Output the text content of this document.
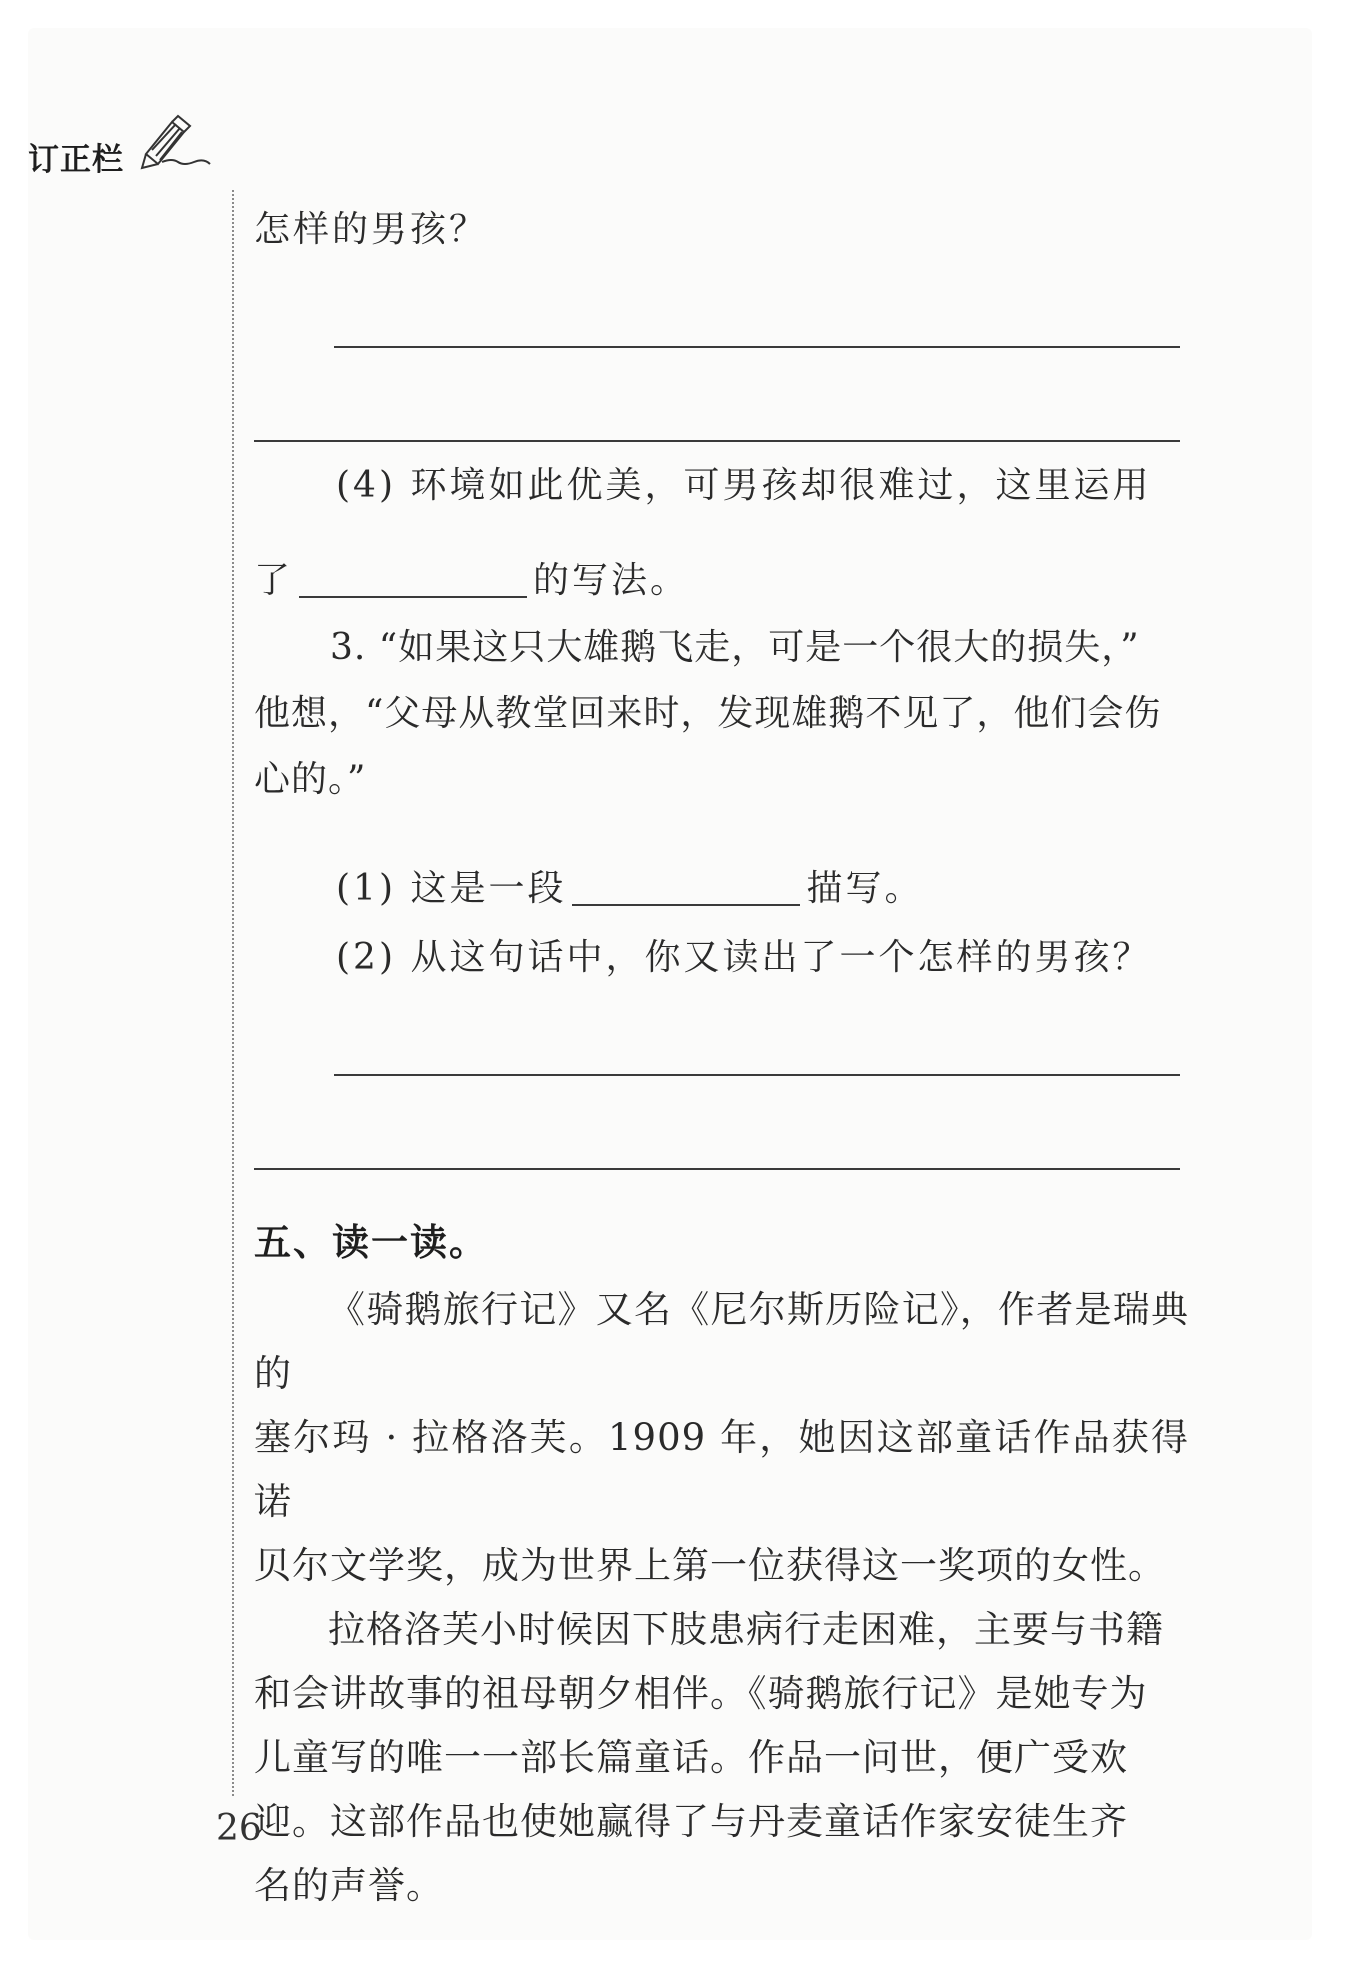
订正栏
怎样的男孩？
(4) 环境如此优美，可男孩却很难过，这里运用
了	的写法。
3. “如果这只大雄鹅飞走，可是一个很大的损失，”
他想，“父母从教堂回来时，发现雄鹅不见了，他们会伤
心的。”
(1) 这是一段	描写。
(2) 从这句话中，你又读出了一个怎样的男孩？
五、读一读。
《骑鹅旅行记》又名《尼尔斯历险记》，作者是瑞典的
塞尔玛 · 拉格洛芙。1909 年，她因这部童话作品获得诺
贝尔文学奖，成为世界上第一位获得这一奖项的女性。
拉格洛芙小时候因下肢患病行走困难，主要与书籍
和会讲故事的祖母朝夕相伴。《骑鹅旅行记》是她专为
儿童写的唯一一部长篇童话。作品一问世，便广受欢
迎。这部作品也使她赢得了与丹麦童话作家安徒生齐
名的声誉。
26
